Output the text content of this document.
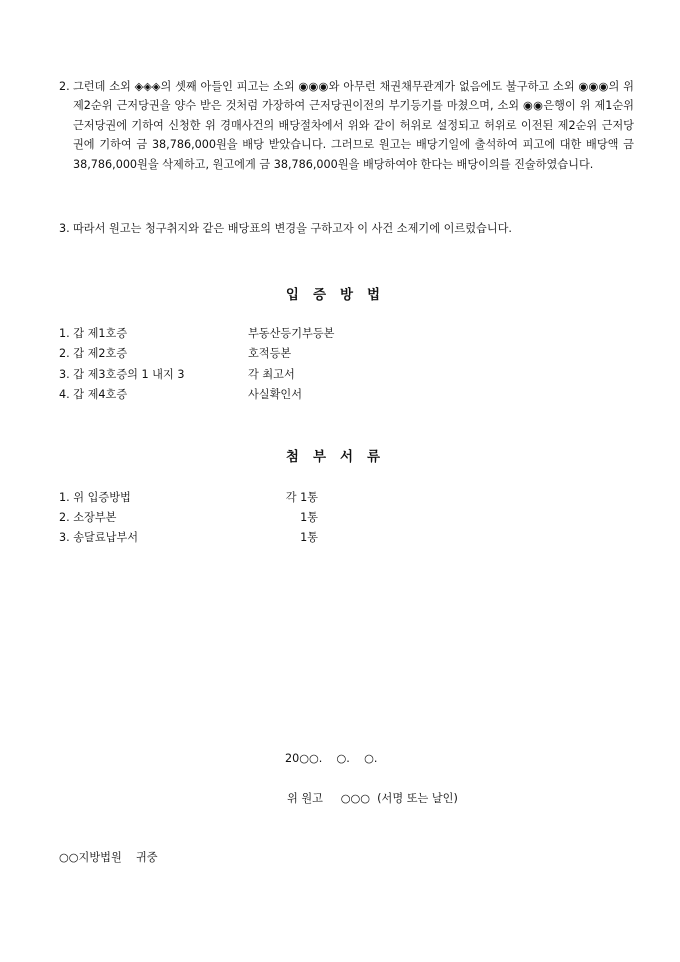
2. 그런데 소외 ◈◈◈의 셋째 아들인 피고는 소외 ◉◉◉와 아무런 채권채무관계가 없음에도 불구하고 소외 ◉◉◉의 위 제2순위 근저당권을 양수 받은 것처럼 가장하여 근저당권이전의 부기등기를 마쳤으며, 소외 ◉◉은행이 위 제1순위 근저당권에 기하여 신청한 위 경매사건의 배당절차에서 위와 같이 허위로 설정되고 허위로 이전된 제2순위 근저당권에 기하여 금 38,786,000원을 배당 받았습니다. 그러므로 원고는 배당기일에 출석하여 피고에 대한 배당액 금 38,786,000원을 삭제하고, 원고에게 금 38,786,000원을 배당하여야 한다는 배당이의를 진술하였습니다.
3. 따라서 원고는 청구취지와 같은 배당표의 변경을 구하고자 이 사건 소제기에 이르렀습니다.
입증방법
1. 갑 제1호증	부동산등기부등본
2. 갑 제2호증	호적등본
3. 갑 제3호증의 1 내지 3	각 최고서
4. 갑 제4호증	사실확인서
첨부서류
1. 위 입증방법	각 1통
2. 소장부본	1통
3. 송달료납부서	1통
20○○.    ○.    ○.
위 원고     ○○○  (서명 또는 날인)
○○지방법원    귀중
